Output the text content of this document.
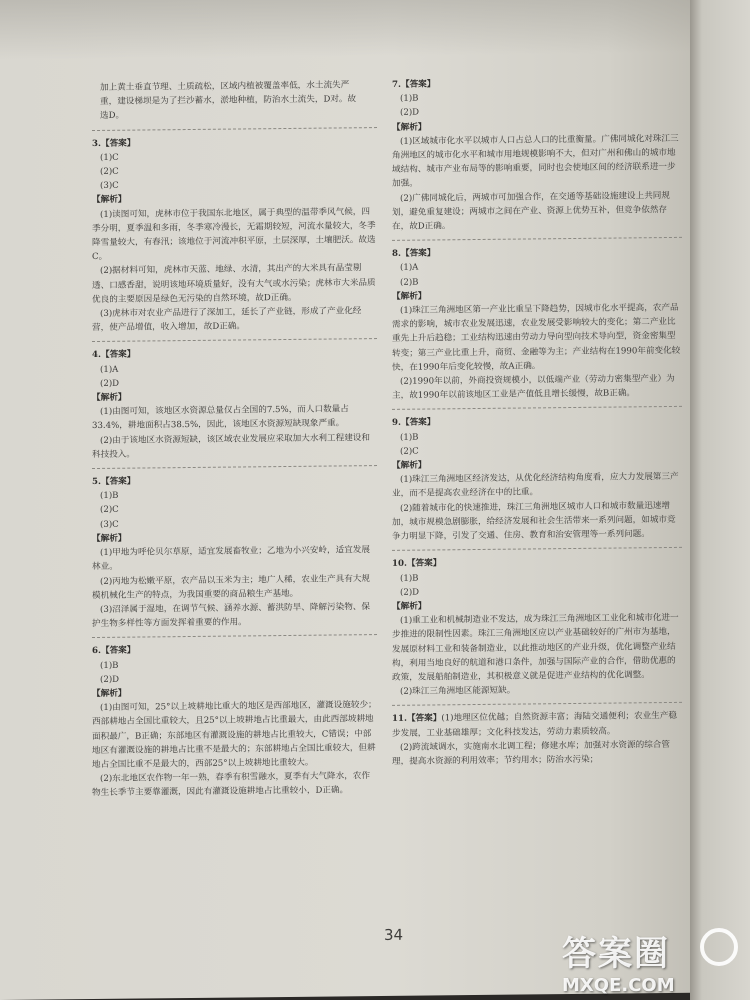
加上黄土垂直节理、土质疏松，区域内植被覆盖率低，水土流失严
重，建设梯坝是为了拦沙蓄水，淤地种植，防治水土流失，D对。故
选D。
3.【答案】
(1)C
(2)C
(3)C
【解析】
(1)读图可知，虎林市位于我国东北地区，属于典型的温带季风气候，四季分明，夏季温和多雨，冬季寒冷漫长，无霜期较短，河流水量较大，冬季降雪量较大，有春汛；该地位于河流冲积平原，土层深厚，土壤肥沃。故选C。
(2)据材料可知，虎林市天蓝、地绿、水清，其出产的大米具有晶莹剔透、口感香甜，说明该地环境质量好，没有大气或水污染；虎林市大米品质优良的主要原因是绿色无污染的自然环境，故D正确。
(3)虎林市对农业产品进行了深加工，延长了产业链，形成了产业化经营，使产品增值，收入增加，故D正确。
4.【答案】
(1)A
(2)D
【解析】
(1)由图可知，该地区水资源总量仅占全国的7.5%，而人口数量占33.4%，耕地面积占38.5%，因此，该地区水资源短缺现象严重。
(2)由于该地区水资源短缺，该区域农业发展应采取加大水利工程建设和科技投入。
5.【答案】
(1)B
(2)C
(3)C
【解析】
(1)甲地为呼伦贝尔草原，适宜发展畜牧业；乙地为小兴安岭，适宜发展林业。
(2)丙地为松嫩平原，农产品以玉米为主；地广人稀，农业生产具有大规模机械化生产的特点，为我国重要的商品粮生产基地。
(3)沼泽属于湿地，在调节气候、涵养水源、蓄洪防旱、降解污染物、保护生物多样性等方面发挥着重要的作用。
6.【答案】
(1)B
(2)D
【解析】
(1)由图可知，25°以上坡耕地比重大的地区是西部地区，灌溉设施较少；西部耕地占全国比重较大，且25°以上坡耕地占比重最大，由此西部坡耕地面积最广，B正确；东部地区有灌溉设施的耕地占比重较大，C错误；中部地区有灌溉设施的耕地占比重不是最大的；东部耕地占全国比重较大，但耕地占全国比重不是最大的，西部25°以上坡耕地比重较大。
(2)东北地区农作物一年一熟，春季有积雪融水，夏季有大气降水，农作物生长季节主要靠灌溉，因此有灌溉设施耕地占比重较小，D正确。
7.【答案】
(1)B
(2)D
【解析】
(1)区域城市化水平以城市人口占总人口的比重衡量。广佛同城化对珠江三角洲地区的城市化水平和城市用地规模影响不大，但对广州和佛山的城市地域结构、城市产业布局等的影响重要，同时也会使地区间的经济联系进一步加强。
(2)广佛同城化后，两城市可加强合作，在交通等基础设施建设上共同规划，避免重复建设；两城市之间在产业、资源上优势互补，但竞争依然存在，故D正确。
8.【答案】
(1)A
(2)B
【解析】
(1)珠江三角洲地区第一产业比重呈下降趋势，因城市化水平提高，农产品需求的影响，城市农业发展迅速，农业发展受影响较大的变化；第二产业比重先上升后趋稳；工业结构迅速由劳动力导向型向技术导向型，资金密集型转变；第三产业比重上升，商贸、金融等为主；产业结构在1990年前变化较快，在1990年后变化较慢，故A正确。
(2)1990年以前，外商投资规模小，以低端产业（劳动力密集型产业）为主，故1990年以前该地区工业是产值低且增长缓慢，故B正确。
9.【答案】
(1)B
(2)C
【解析】
(1)珠江三角洲地区经济发达，从优化经济结构角度看，应大力发展第三产业，而不是提高农业经济在中的比重。
(2)随着城市化的快速推进，珠江三角洲地区城市人口和城市数量迅速增加，城市规模急剧膨胀，给经济发展和社会生活带来一系列问题，如城市竞争力明显下降，引发了交通、住房、教育和治安管理等一系列问题。
10.【答案】
(1)B
(2)D
【解析】
(1)重工业和机械制造业不发达，成为珠江三角洲地区工业化和城市化进一步推进的限制性因素。珠江三角洲地区应以产业基础较好的广州市为基地，发展原材料工业和装备制造业，以此推动地区的产业升级，优化调整产业结构，利用当地良好的航道和港口条件，加强与国际产业的合作，借助优惠的政策，发展船舶制造业，其积极意义就是促进产业结构的优化调整。
(2)珠江三角洲地区能源短缺。
11.【答案】(1)地理区位优越；自然资源丰富；海陆交通便利；农业生产稳步发展，工业基础雄厚；文化科技发达，劳动力素质较高。
(2)跨流域调水，实施南水北调工程；修建水库；加强对水资源的综合管理，提高水资源的利用效率；节约用水；防治水污染；
34	答案圈
MXQE.COM
